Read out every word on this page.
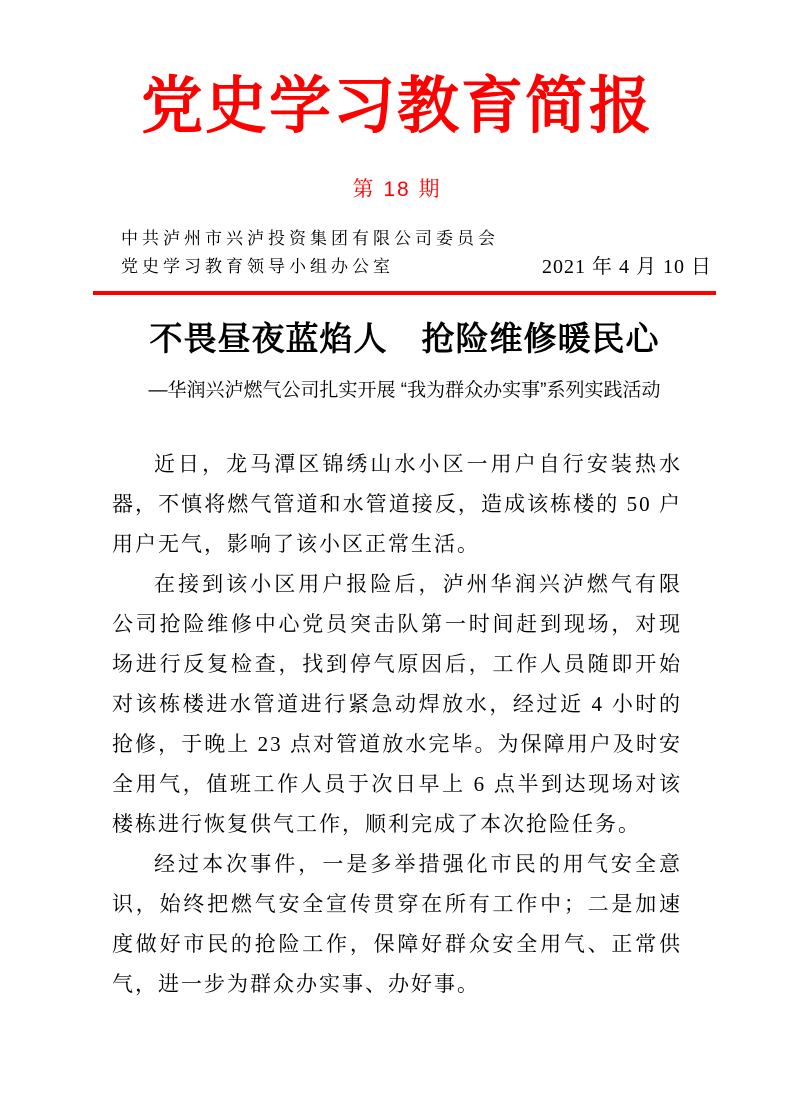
党史学习教育简报
第 18 期
中共泸州市兴泸投资集团有限公司委员会
党史学习教育领导小组办公室	2021 年 4 月 10 日
不畏昼夜蓝焰人　抢险维修暖民心
—华润兴泸燃气公司扎实开展 “我为群众办实事”系列实践活动

近日，龙马潭区锦绣山水小区一用户自行安装热水器，不慎将燃气管道和水管道接反，造成该栋楼的 50 户用户无气，影响了该小区正常生活。

在接到该小区用户报险后，泸州华润兴泸燃气有限公司抢险维修中心党员突击队第一时间赶到现场，对现场进行反复检查，找到停气原因后，工作人员随即开始对该栋楼进水管道进行紧急动焊放水，经过近 4 小时的抢修，于晚上 23 点对管道放水完毕。为保障用户及时安全用气，值班工作人员于次日早上 6 点半到达现场对该楼栋进行恢复供气工作，顺利完成了本次抢险任务。

经过本次事件，一是多举措强化市民的用气安全意识，始终把燃气安全宣传贯穿在所有工作中；二是加速度做好市民的抢险工作，保障好群众安全用气、正常供气，进一步为群众办实事、办好事。
